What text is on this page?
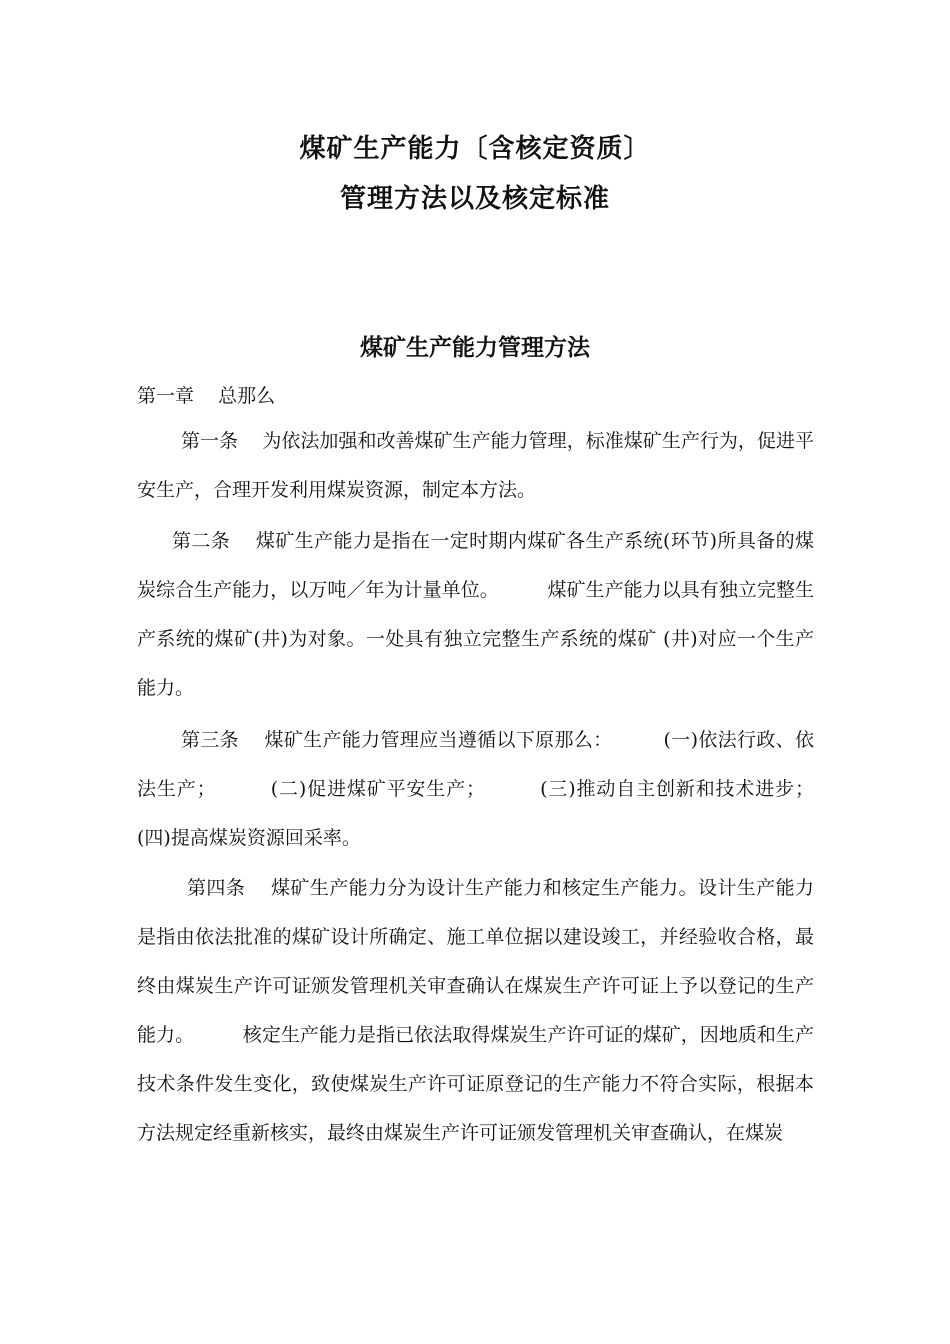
煤矿生产能力〔含核定资质〕
管理方法以及核定标准
煤矿生产能力管理方法

第一章    总那么

第一条    为依法加强和改善煤矿生产能力管理，标准煤矿生产行为，促进平安生产，合理开发利用煤炭资源，制定本方法。

第二条    煤矿生产能力是指在一定时期内煤矿各生产系统(环节)所具备的煤炭综合生产能力，以万吨／年为计量单位。        煤矿生产能力以具有独立完整生产系统的煤矿(井)为对象。一处具有独立完整生产系统的煤矿 (井)对应一个生产能力。

第三条    煤矿生产能力管理应当遵循以下原那么：        (一)依法行政、依法生产；        (二)促进煤矿平安生产；        (三)推动自主创新和技术进步；        (四)提高煤炭资源回采率。

第四条    煤矿生产能力分为设计生产能力和核定生产能力。设计生产能力是指由依法批准的煤矿设计所确定、施工单位据以建设竣工，并经验收合格，最终由煤炭生产许可证颁发管理机关审查确认在煤炭生产许可证上予以登记的生产能力。        核定生产能力是指已依法取得煤炭生产许可证的煤矿，因地质和生产技术条件发生变化，致使煤炭生产许可证原登记的生产能力不符合实际，根据本方法规定经重新核实，最终由煤炭生产许可证颁发管理机关审查确认，在煤炭
